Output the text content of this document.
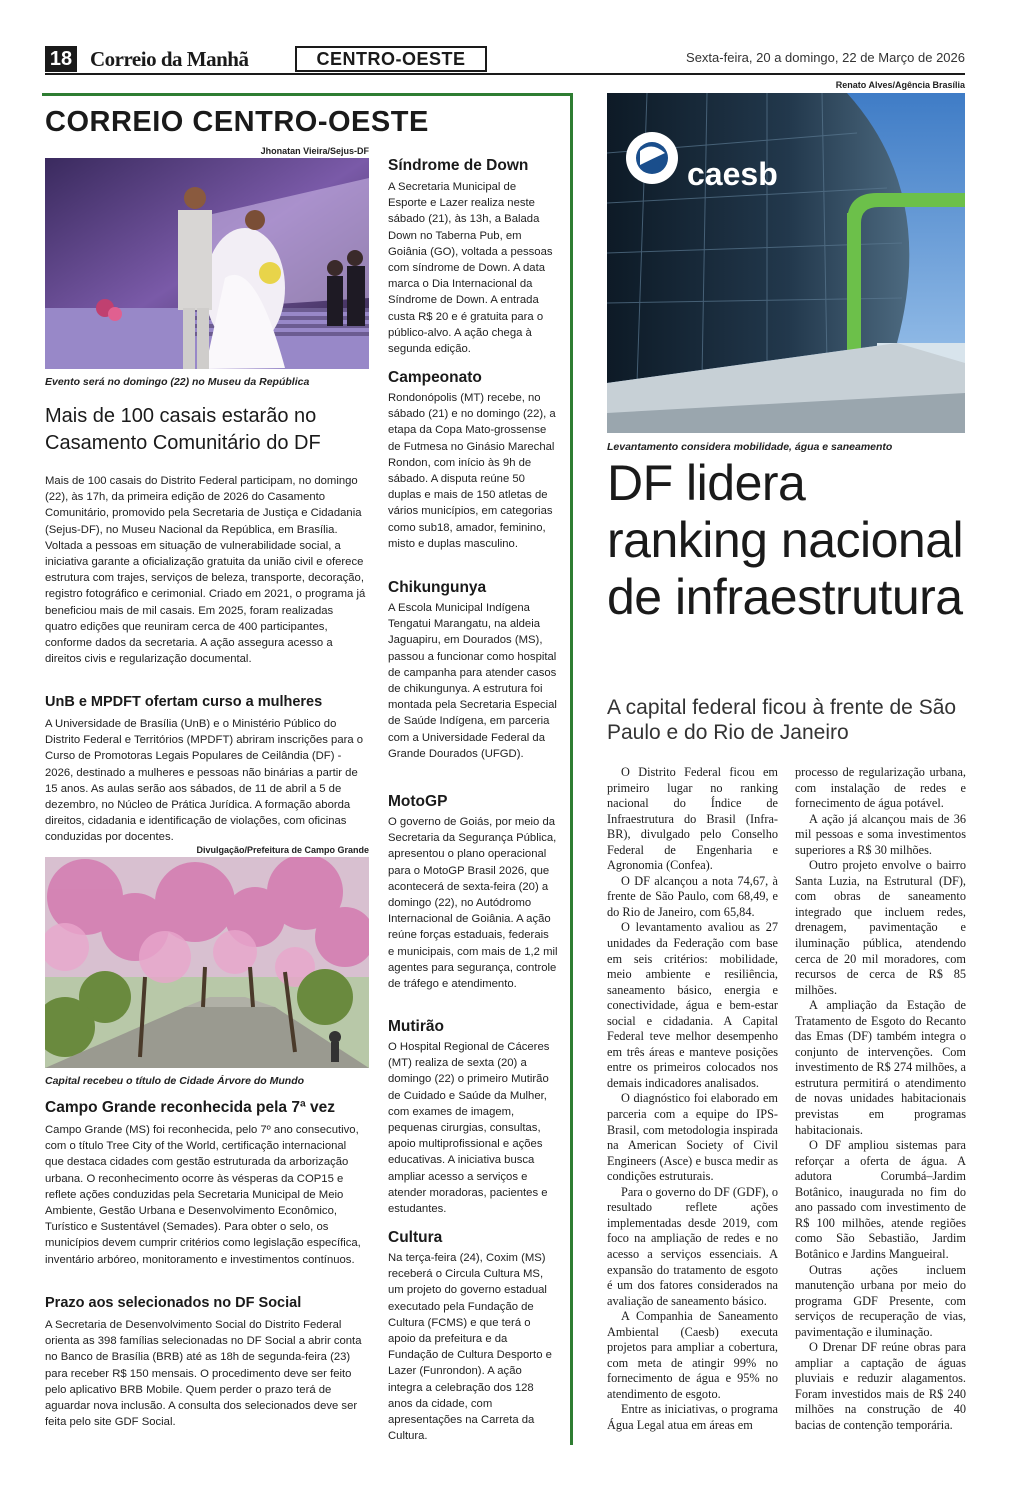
18 Correio da Manhã	CENTRO-OESTE	Sexta-feira, 20 a domingo, 22 de Março de 2026
CORREIO CENTRO-OESTE
Jhonatan Vieira/Sejus-DF
Evento será no domingo (22) no Museu da República
Mais de 100 casais estarão no Casamento Comunitário do DF
Mais de 100 casais do Distrito Federal participam, no domingo (22), às 17h, da primeira edição de 2026 do Casamento Comunitário, promovido pela Secretaria de Justiça e Cidadania (Sejus-DF), no Museu Nacional da República, em Brasília. Voltada a pessoas em situação de vulnerabilidade social, a iniciativa garante a oficialização gratuita da união civil e oferece estrutura com trajes, serviços de beleza, transporte, decoração, registro fotográfico e cerimonial. Criado em 2021, o programa já beneficiou mais de mil casais. Em 2025, foram realizadas quatro edições que reuniram cerca de 400 participantes, conforme dados da secretaria. A ação assegura acesso a direitos civis e regularização documental.
UnB e MPDFT ofertam curso a mulheres
A Universidade de Brasília (UnB) e o Ministério Público do Distrito Federal e Territórios (MPDFT) abriram inscrições para o Curso de Promotoras Legais Populares de Ceilândia (DF) - 2026, destinado a mulheres e pessoas não binárias a partir de 15 anos. As aulas serão aos sábados, de 11 de abril a 5 de dezembro, no Núcleo de Prática Jurídica. A formação aborda direitos, cidadania e identificação de violações, com oficinas conduzidas por docentes.
Divulgação/Prefeitura de Campo Grande
Capital recebeu o título de Cidade Árvore do Mundo
Campo Grande reconhecida pela 7ª vez
Campo Grande (MS) foi reconhecida, pelo 7º ano consecutivo, com o título Tree City of the World, certificação internacional que destaca cidades com gestão estruturada da arborização urbana. O reconhecimento ocorre às vésperas da COP15 e reflete ações conduzidas pela Secretaria Municipal de Meio Ambiente, Gestão Urbana e Desenvolvimento Econômico, Turístico e Sustentável (Semades). Para obter o selo, os municípios devem cumprir critérios como legislação específica, inventário arbóreo, monitoramento e investimentos contínuos.
Prazo aos selecionados no DF Social
A Secretaria de Desenvolvimento Social do Distrito Federal orienta as 398 famílias selecionadas no DF Social a abrir conta no Banco de Brasília (BRB) até as 18h de segunda-feira (23) para receber R$ 150 mensais. O procedimento deve ser feito pelo aplicativo BRB Mobile. Quem perder o prazo terá de aguardar nova inclusão. A consulta dos selecionados deve ser feita pelo site GDF Social.
Síndrome de Down
A Secretaria Municipal de Esporte e Lazer realiza neste sábado (21), às 13h, a Balada Down no Taberna Pub, em Goiânia (GO), voltada a pessoas com síndrome de Down. A data marca o Dia Internacional da Síndrome de Down. A entrada custa R$ 20 e é gratuita para o público-alvo. A ação chega à segunda edição.
Campeonato
Rondonópolis (MT) recebe, no sábado (21) e no domingo (22), a etapa da Copa Mato-grossense de Futmesa no Ginásio Marechal Rondon, com início às 9h de sábado. A disputa reúne 50 duplas e mais de 150 atletas de vários municípios, em categorias como sub18, amador, feminino, misto e duplas masculino.
Chikungunya
A Escola Municipal Indígena Tengatui Marangatu, na aldeia Jaguapiru, em Dourados (MS), passou a funcionar como hospital de campanha para atender casos de chikungunya. A estrutura foi montada pela Secretaria Especial de Saúde Indígena, em parceria com a Universidade Federal da Grande Dourados (UFGD).
MotoGP
O governo de Goiás, por meio da Secretaria da Segurança Pública, apresentou o plano operacional para o MotoGP Brasil 2026, que acontecerá de sexta-feira (20) a domingo (22), no Autódromo Internacional de Goiânia. A ação reúne forças estaduais, federais e municipais, com mais de 1,2 mil agentes para segurança, controle de tráfego e atendimento.
Mutirão
O Hospital Regional de Cáceres (MT) realiza de sexta (20) a domingo (22) o primeiro Mutirão de Cuidado e Saúde da Mulher, com exames de imagem, pequenas cirurgias, consultas, apoio multiprofissional e ações educativas. A iniciativa busca ampliar acesso a serviços e atender moradoras, pacientes e estudantes.
Cultura
Na terça-feira (24), Coxim (MS) receberá o Circula Cultura MS, um projeto do governo estadual executado pela Fundação de Cultura (FCMS) e que terá o apoio da prefeitura e da Fundação de Cultura Desporto e Lazer (Funrondon). A ação integra a celebração dos 128 anos da cidade, com apresentações na Carreta da Cultura.
Renato Alves/Agência Brasília
caesb
Levantamento considera mobilidade, água e saneamento
DF lidera ranking nacional de infraestrutura
A capital federal ficou à frente de São Paulo e do Rio de Janeiro

O Distrito Federal ficou em primeiro lugar no ranking nacional do Índice de Infraestrutura do Brasil (Infra-BR), divulgado pelo Conselho Federal de Engenharia e Agronomia (Confea).

O DF alcançou a nota 74,67, à frente de São Paulo, com 68,49, e do Rio de Janeiro, com 65,84.

O levantamento avaliou as 27 unidades da Federação com base em seis critérios: mobilidade, meio ambiente e resiliência, saneamento básico, energia e conectividade, água e bem-estar social e cidadania. A Capital Federal teve melhor desempenho em três áreas e manteve posições entre os primeiros colocados nos demais indicadores analisados.

O diagnóstico foi elaborado em parceria com a equipe do IPS-Brasil, com metodologia inspirada na American Society of Civil Engineers (Asce) e busca medir as condições estruturais.

Para o governo do DF (GDF), o resultado reflete ações implementadas desde 2019, com foco na ampliação de redes e no acesso a serviços essenciais. A expansão do tratamento de esgoto é um dos fatores considerados na avaliação de saneamento básico.

A Companhia de Saneamento Ambiental (Caesb) executa projetos para ampliar a cobertura, com meta de atingir 99% no fornecimento de água e 95% no atendimento de esgoto.

Entre as iniciativas, o programa Água Legal atua em áreas em

processo de regularização urbana, com instalação de redes e fornecimento de água potável.

A ação já alcançou mais de 36 mil pessoas e soma investimentos superiores a R$ 30 milhões.

Outro projeto envolve o bairro Santa Luzia, na Estrutural (DF), com obras de saneamento integrado que incluem redes, drenagem, pavimentação e iluminação pública, atendendo cerca de 20 mil moradores, com recursos de cerca de R$ 85 milhões.

A ampliação da Estação de Tratamento de Esgoto do Recanto das Emas (DF) também integra o conjunto de intervenções. Com investimento de R$ 274 milhões, a estrutura permitirá o atendimento de novas unidades habitacionais previstas em programas habitacionais.

O DF ampliou sistemas para reforçar a oferta de água. A adutora Corumbá–Jardim Botânico, inaugurada no fim do ano passado com investimento de R$ 100 milhões, atende regiões como São Sebastião, Jardim Botânico e Jardins Mangueiral.

Outras ações incluem manutenção urbana por meio do programa GDF Presente, com serviços de recuperação de vias, pavimentação e iluminação.

O Drenar DF reúne obras para ampliar a captação de águas pluviais e reduzir alagamentos. Foram investidos mais de R$ 240 milhões na construção de 40 bacias de contenção temporária.
